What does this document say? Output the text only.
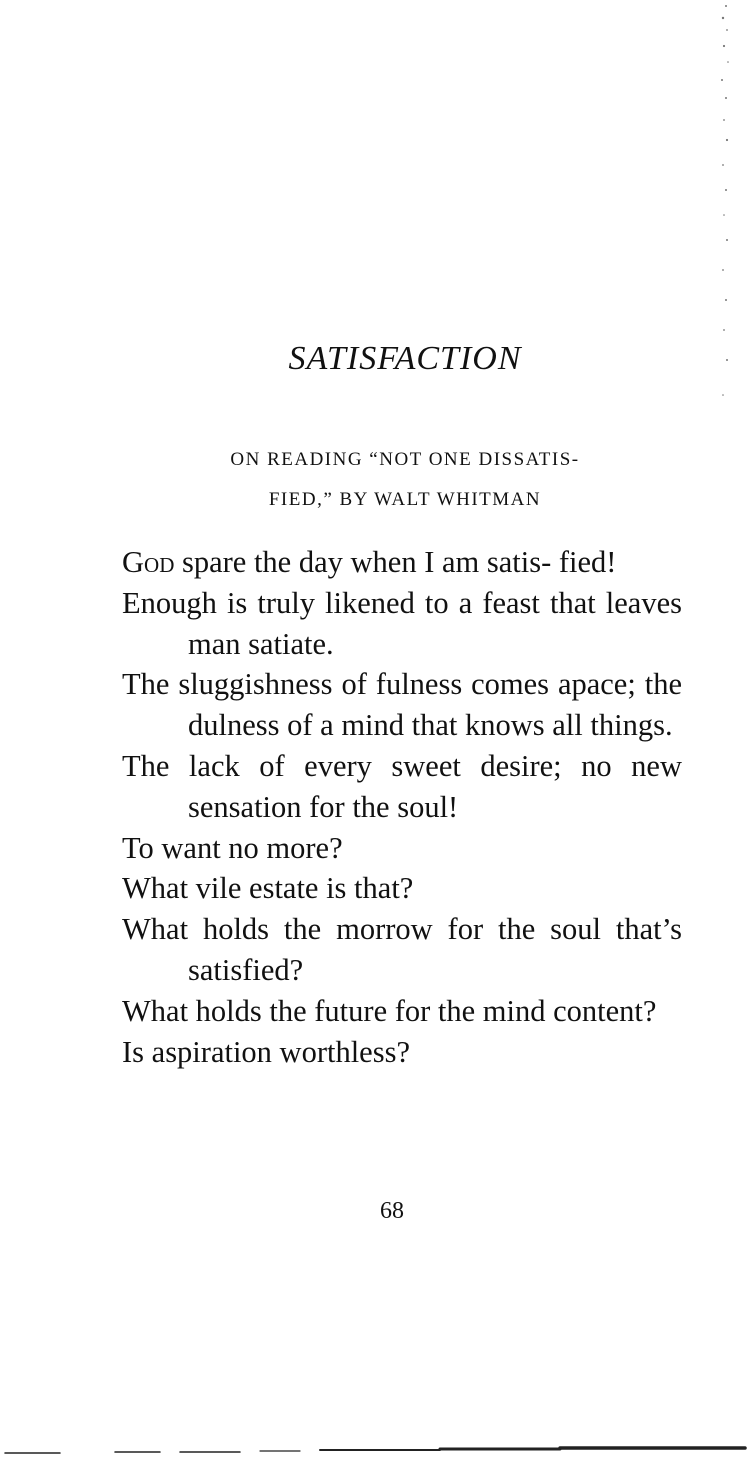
SATISFACTION
ON READING “NOT ONE DISSATIS-
FIED,” BY WALT WHITMAN
God spare the day when I am satis- fied!
Enough is truly likened to a feast that leaves man satiate.
The sluggishness of fulness comes apace; the dulness of a mind that knows all things.
The lack of every sweet desire; no new sensation for the soul!
To want no more?
What vile estate is that?
What holds the morrow for the soul that’s satisfied?
What holds the future for the mind content?
Is aspiration worthless?
68
